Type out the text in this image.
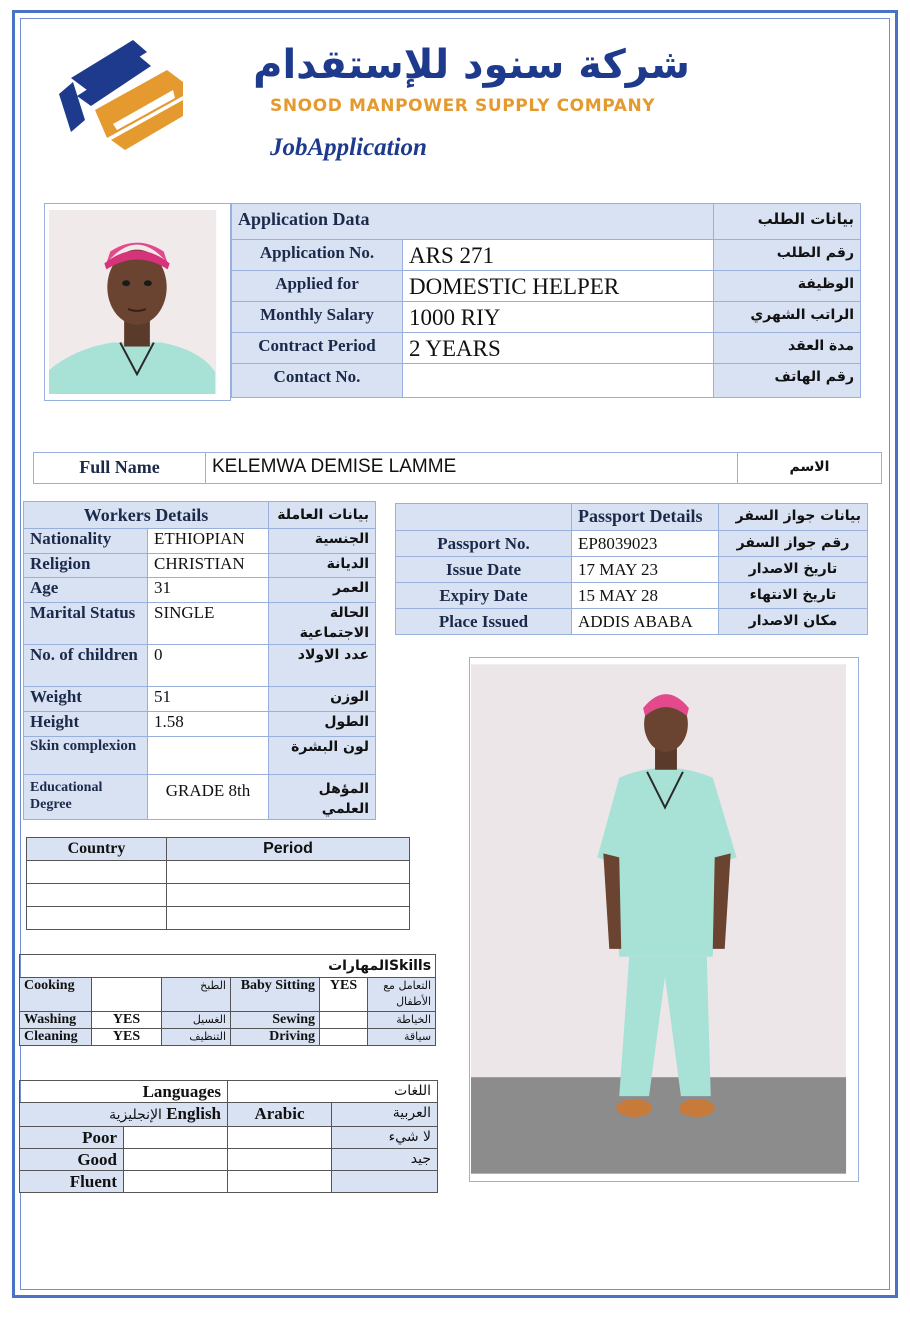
شركة سنود للإستقدام
SNOOD MANPOWER SUPPLY COMPANY
JobApplication
Application Data		بيانات الطلب
Application No.	ARS 271	رقم الطلب
Applied for	DOMESTIC HELPER	الوظيفة
Monthly Salary	1000 RIY	الراتب الشهري
Contract Period	2 YEARS	مدة العقد
Contact No.		رقم الهاتف
Full Name	KELEMWA DEMISE LAMME	الاسم
Workers Details		بيانات العاملة
Nationality	ETHIOPIAN	الجنسية
Religion	CHRISTIAN	الديانة
Age	31	العمر
Marital Status	SINGLE	الحالة الاجتماعية
No. of children	0	عدد الاولاد
Weight	51	الوزن
Height	1.58	الطول
Skin complexion		لون البشرة
Educational Degree	GRADE 8th	المؤهل العلمي
	Passport Details	بيانات جواز السفر
Passport No.	EP8039023	رقم جواز السفر
Issue Date	17 MAY 23	تاريخ الاصدار
Expiry Date	15 MAY 28	تاريخ الانتهاء
Place Issued	ADDIS ABABA	مكان الاصدار
Country	Period

Skillsالمهارات					
Cooking		الطبخ	Baby Sitting	YES	التعامل مع الأطفال
Washing	YES	الغسيل	Sewing		الخياطة
Cleaning	YES	التنظيف	Driving		سياقة
Languages		اللغات	
الإنجليزية English		Arabic	العربية
Poor			لا شيء
Good			جيد
Fluent			
